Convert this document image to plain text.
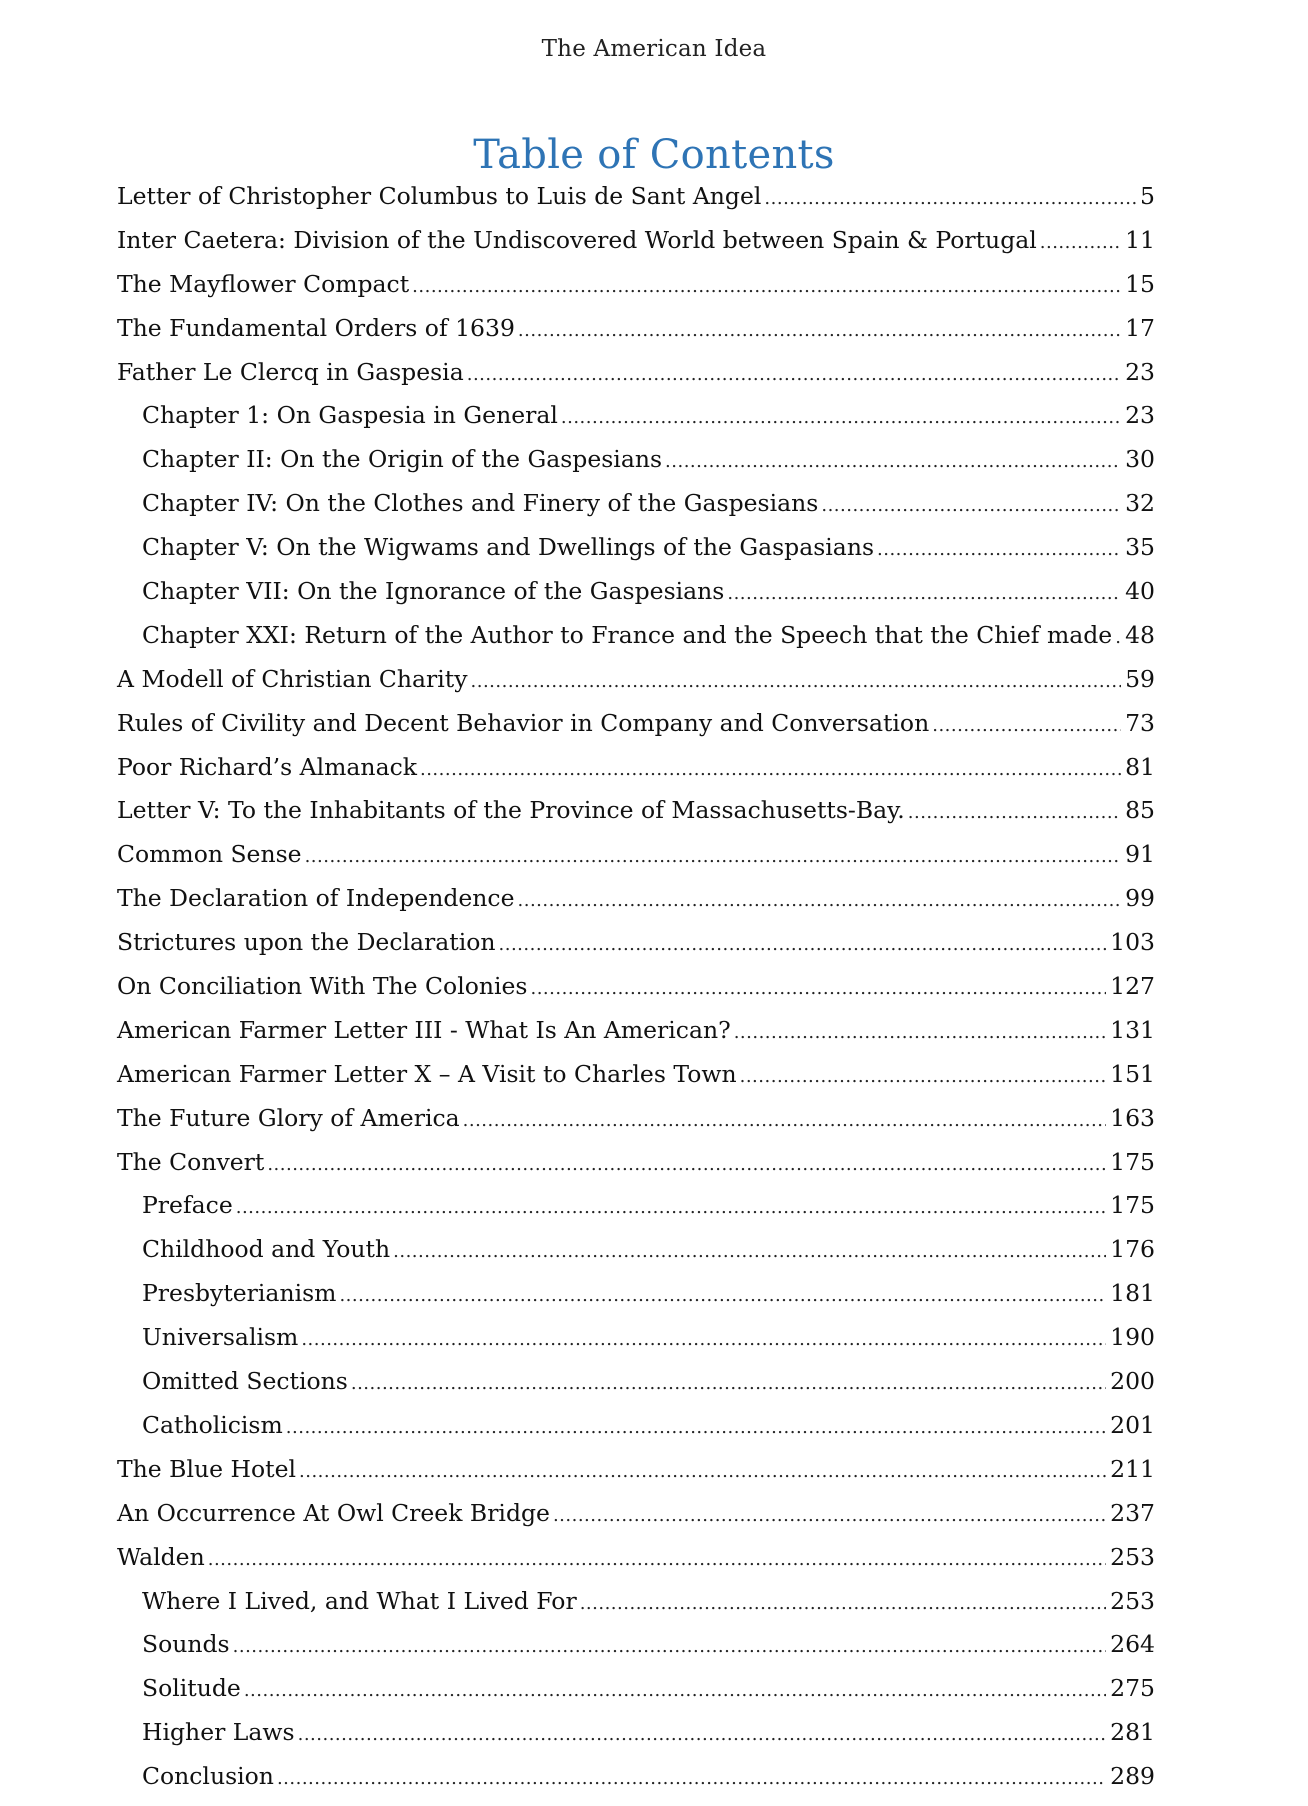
The American Idea
Table of Contents
Letter of Christopher Columbus to Luis de Sant Angel .....	5
Inter Caetera: Division of the Undiscovered World between Spain & Portugal .....	11
The Mayflower Compact .....	15
The Fundamental Orders of 1639 .....	17
Father Le Clercq in Gaspesia .....	23
Chapter 1: On Gaspesia in General .....	23
Chapter II: On the Origin of the Gaspesians .....	30
Chapter IV: On the Clothes and Finery of the Gaspesians .....	32
Chapter V: On the Wigwams and Dwellings of the Gaspasians .....	35
Chapter VII: On the Ignorance of the Gaspesians .....	40
Chapter XXI: Return of the Author to France and the Speech that the Chief made ..... 48
A Modell of Christian Charity .....	59
Rules of Civility and Decent Behavior in Company and Conversation .....	73
Poor Richard’s Almanack .....	81
Letter V: To the Inhabitants of the Province of Massachusetts-Bay. .....	85
Common Sense .....	91
The Declaration of Independence .....	99
Strictures upon the Declaration .....	103
On Conciliation With The Colonies .....	127
American Farmer Letter III - What Is An American? .....	131
American Farmer Letter X – A Visit to Charles Town .....	151
The Future Glory of America .....	163
The Convert .....	175
Preface .....	175
Childhood and Youth .....	176
Presbyterianism .....	181
Universalism .....	190
Omitted Sections .....	200
Catholicism .....	201
The Blue Hotel .....	211
An Occurrence At Owl Creek Bridge .....	237
Walden .....	253
Where I Lived, and What I Lived For .....	253
Sounds .....	264
Solitude .....	275
Higher Laws .....	281
Conclusion .....	289
